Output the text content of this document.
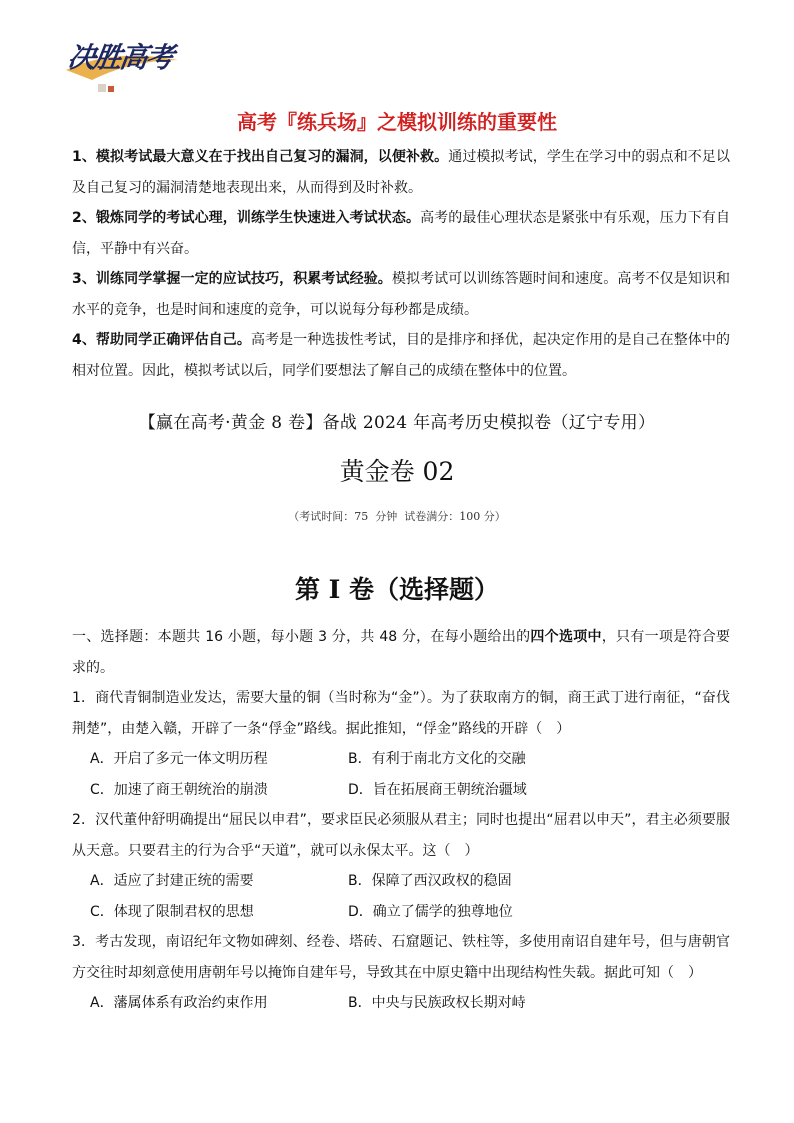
决胜高考
高考『练兵场』之模拟训练的重要性

1、模拟考试最大意义在于找出自己复习的漏洞，以便补救。通过模拟考试，学生在学习中的弱点和不足以及自己复习的漏洞清楚地表现出来，从而得到及时补救。

2、锻炼同学的考试心理，训练学生快速进入考试状态。高考的最佳心理状态是紧张中有乐观，压力下有自信，平静中有兴奋。

3、训练同学掌握一定的应试技巧，积累考试经验。模拟考试可以训练答题时间和速度。高考不仅是知识和水平的竞争，也是时间和速度的竞争，可以说每分每秒都是成绩。

4、帮助同学正确评估自己。高考是一种选拔性考试，目的是排序和择优，起决定作用的是自己在整体中的相对位置。因此，模拟考试以后，同学们要想法了解自己的成绩在整体中的位置。

【赢在高考·黄金 8 卷】备战 2024 年高考历史模拟卷（辽宁专用）
黄金卷 02
（考试时间：75  分钟  试卷满分：100 分）
第 I 卷（选择题）

一、选择题：本题共 16 小题，每小题 3 分，共 48 分，在每小题给出的四个选项中，只有一项是符合要求的。

1．商代青铜制造业发达，需要大量的铜（当时称为“金”）。为了获取南方的铜，商王武丁进行南征，“奋伐荆楚”，由楚入赣，开辟了一条“俘金”路线。据此推知，“俘金”路线的开辟（　）

A．开启了多元一体文明历程	B．有利于南北方文化的交融
C．加速了商王朝统治的崩溃	D．旨在拓展商王朝统治疆域

2．汉代董仲舒明确提出“屈民以申君”，要求臣民必须服从君主；同时也提出“屈君以申天”，君主必须要服从天意。只要君主的行为合乎“天道”，就可以永保太平。这（　）

A．适应了封建正统的需要	B．保障了西汉政权的稳固
C．体现了限制君权的思想	D．确立了儒学的独尊地位

3．考古发现，南诏纪年文物如碑刻、经卷、塔砖、石窟题记、铁柱等，多使用南诏自建年号，但与唐朝官方交往时却刻意使用唐朝年号以掩饰自建年号，导致其在中原史籍中出现结构性失载。据此可知（　）

A．藩属体系有政治约束作用	B．中央与民族政权长期对峙
